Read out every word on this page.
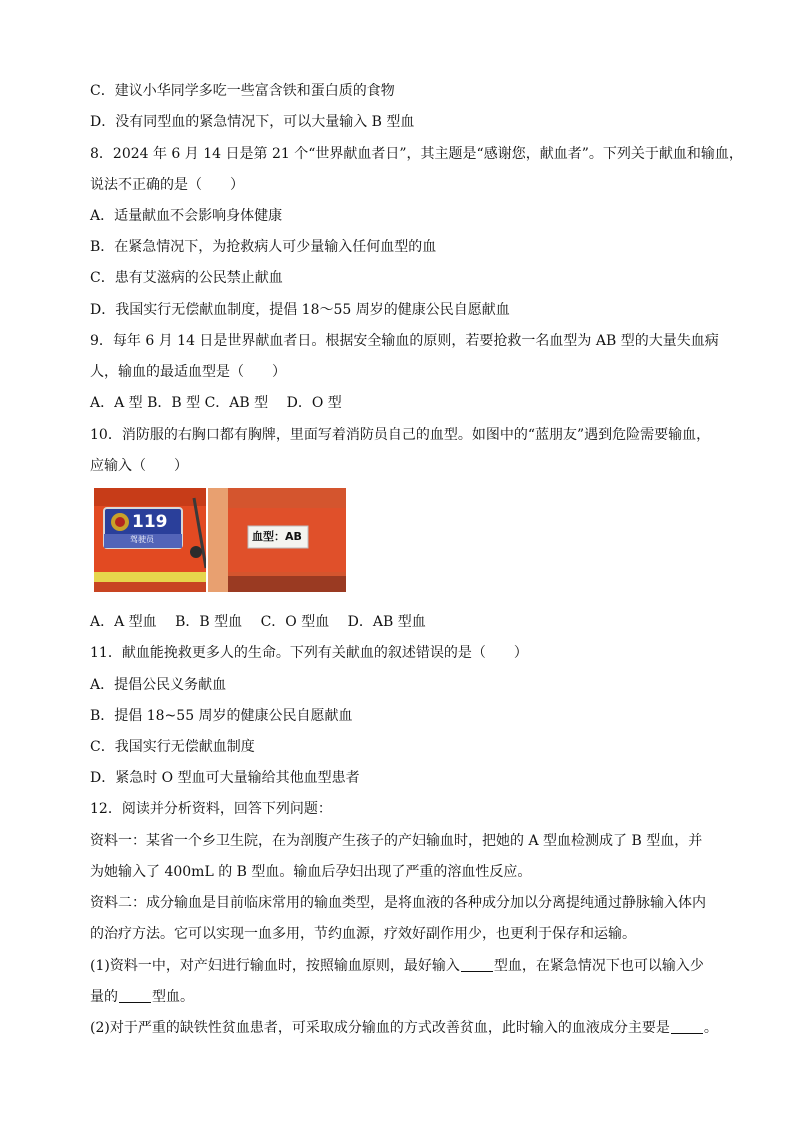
C．建议小华同学多吃一些富含铁和蛋白质的食物
D．没有同型血的紧急情况下，可以大量输入 B 型血
8．2024 年 6 月 14 日是第 21 个“世界献血者日”，其主题是“感谢您，献血者”。下列关于献血和输血，
说法不正确的是（　　）
A．适量献血不会影响身体健康
B．在紧急情况下，为抢救病人可少量输入任何血型的血
C．患有艾滋病的公民禁止献血
D．我国实行无偿献血制度，提倡 18～55 周岁的健康公民自愿献血
9．每年 6 月 14 日是世界献血者日。根据安全输血的原则，若要抢救一名血型为 AB 型的大量失血病
人，输血的最适血型是（　　）
A．A 型 B．B 型 C．AB 型　 D．O 型
10．消防服的右胸口都有胸牌，里面写着消防员自己的血型。如图中的“蓝朋友”遇到危险需要输血，
应输入（　　）
119
驾驶员	血型：AB
A．A 型血　 B．B 型血　 C．O 型血　 D．AB 型血
11．献血能挽救更多人的生命。下列有关献血的叙述错误的是（　　）
A．提倡公民义务献血
B．提倡 18~55 周岁的健康公民自愿献血
C．我国实行无偿献血制度
D．紧急时 O 型血可大量输给其他血型患者
12．阅读并分析资料，回答下列问题：
资料一：某省一个乡卫生院，在为剖腹产生孩子的产妇输血时，把她的 A 型血检测成了 B 型血，并
为她输入了 400mL 的 B 型血。输血后孕妇出现了严重的溶血性反应。
资料二：成分输血是目前临床常用的输血类型，是将血液的各种成分加以分离提纯通过静脉输入体内
的治疗方法。它可以实现一血多用，节约血源，疗效好副作用少，也更利于保存和运输。
(1)资料一中，对产妇进行输血时，按照输血原则，最好输入 型血，在紧急情况下也可以输入少
量的 型血。
(2)对于严重的缺铁性贫血患者，可采取成分输血的方式改善贫血，此时输入的血液成分主要是 。
